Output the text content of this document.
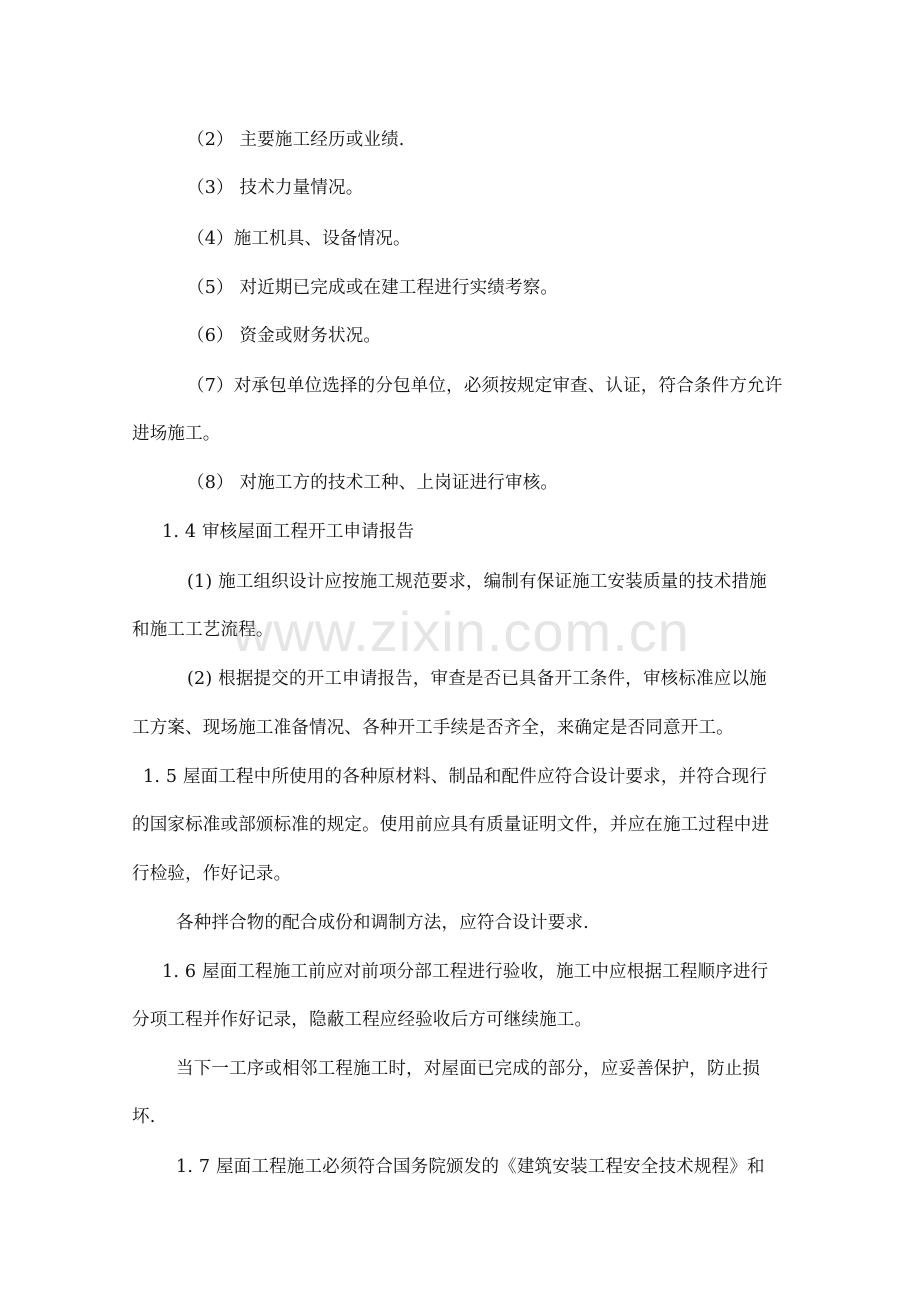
（2） 主要施工经历或业绩.
（3） 技术力量情况。
（4）施工机具、设备情况。
（5） 对近期已完成或在建工程进行实绩考察。
（6） 资金或财务状况。
（7）对承包单位选择的分包单位，必须按规定审查、认证，符合条件方允许
进场施工。
（8） 对施工方的技术工种、上岗证进行审核。
1. 4 审核屋面工程开工申请报告
(1) 施工组织设计应按施工规范要求，编制有保证施工安装质量的技术措施
和施工工艺流程。
(2) 根据提交的开工申请报告，审查是否已具备开工条件，审核标准应以施
工方案、现场施工准备情况、各种开工手续是否齐全，来确定是否同意开工。
1. 5 屋面工程中所使用的各种原材料、制品和配件应符合设计要求，并符合现行
的国家标准或部颁标准的规定。使用前应具有质量证明文件，并应在施工过程中进
行检验，作好记录。
各种拌合物的配合成份和调制方法，应符合设计要求.
1. 6 屋面工程施工前应对前项分部工程进行验收，施工中应根据工程顺序进行
分项工程并作好记录，隐蔽工程应经验收后方可继续施工。
当下一工序或相邻工程施工时，对屋面已完成的部分，应妥善保护，防止损
坏.
1. 7 屋面工程施工必须符合国务院颁发的《建筑安装工程安全技术规程》和
www.zixin.com.cn
